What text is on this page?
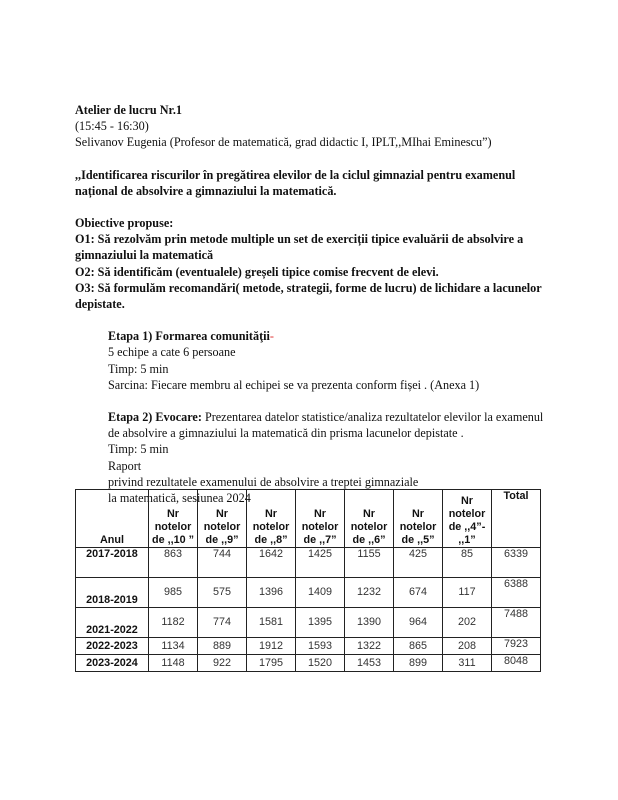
Atelier de lucru Nr.1
(15:45 - 16:30)
Selivanov Eugenia (Profesor de matematică, grad didactic I, IPLT,,MIhai Eminescu”)
,,Identificarea riscurilor în pregătirea elevilor de la ciclul gimnazial pentru examenul
național de absolvire a gimnaziului la matematică.
Obiective propuse:
O1: Să rezolvăm prin metode multiple un set de exerciții tipice evaluării de absolvire a
gimnaziului la matematică
O2: Să identificăm (eventualele) greșeli tipice comise frecvent de elevi.
O3: Să formulăm recomandări( metode, strategii, forme de lucru) de lichidare a lacunelor
depistate.
Etapa 1) Formarea comunităţii-
5 echipe a cate 6 persoane
Timp: 5 min
Sarcina: Fiecare membru al echipei se va prezenta conform fișei . (Anexa 1)
Etapa 2) Evocare: Prezentarea datelor statistice/analiza rezultatelor elevilor la examenul
de absolvire a gimnaziului la matematică din prisma lacunelor depistate .
Timp: 5 min
Raport
privind rezultatele examenului de absolvire a treptei gimnaziale
la matematică, sesiunea 2024
Anul	Nr notelor de ,,10 ”	Nr notelor de ,,9”	Nr notelor de ,,8”	Nr notelor de ,,7”	Nr notelor de ,,6”	Nr notelor de ,,5”	Nr notelor de ,,4”- ,,1”	Total
2017-2018	863	744	1642	1425	1155	425	85	6339
2018-2019	985	575	1396	1409	1232	674	117	6388
2021-2022	1182	774	1581	1395	1390	964	202	7488
2022-2023	1134	889	1912	1593	1322	865	208	7923
2023-2024	1148	922	1795	1520	1453	899	311	8048
